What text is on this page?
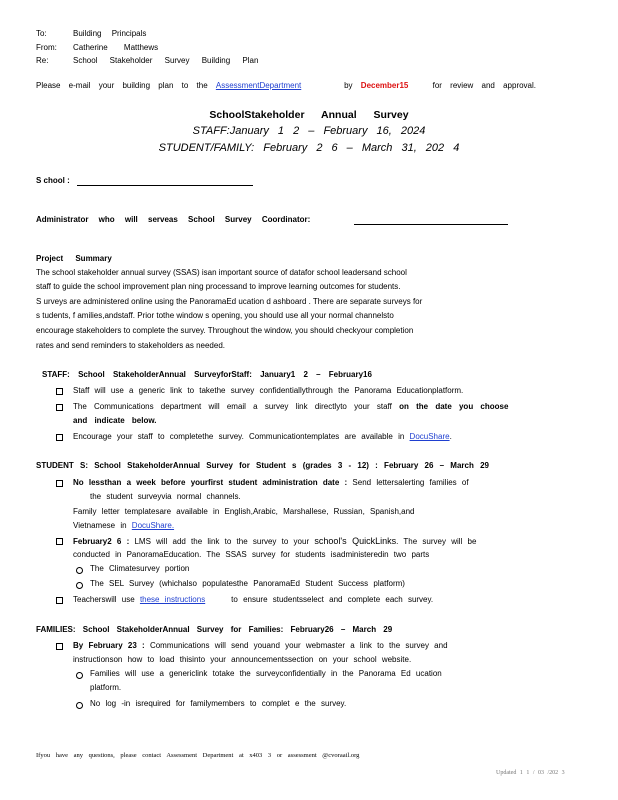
To:	Building Principals
From: Catherine Matthews
Re:	School Stakeholder Survey Building Plan
Please e-mail your building plan to the AssessmentDepartment	by December15	for review and approval.
SchoolStakeholder Annual Survey
STAFF:January 1 2 – February 16, 2024
STUDENT/FAMILY: February 2 6 – March 31, 202 4
S chool :
Administrator who will serveas School Survey Coordinator:
Project Summary
The school stakeholder annual survey (SSAS) isan important source of datafor school leadersand school
staff to guide the school improvement plan ning processand to improve learning outcomes for students.
S urveys are administered online using the PanoramaEd ucation d ashboard . There are separate surveys for
s tudents, f amilies,andstaff. Prior tothe window s opening, you should use all your normal channelsto
encourage stakeholders to complete the survey. Throughout the window, you should checkyour completion
rates and send reminders to stakeholders as needed.
STAFF: School StakeholderAnnual SurveyforStaff: January1 2 – February16
Staff will use a generic link to takethe survey confidentiallythrough the Panorama Educationplatform.
The Communications department will email a survey link directlyto your staff on the date you choose
and indicate below.
Encourage your staff to completethe survey. Communicationtemplates are available in DocuShare.
STUDENT S: School StakeholderAnnual Survey for Student s (grades 3 - 12) : February 26 – March 29
No lessthan a week before yourfirst student administration date : Send lettersalerting families of
the student surveyvia normal channels.
Family letter templatesare available in English,Arabic, Marshallese, Russian, Spanish,and
Vietnamese in DocuShare.
February2 6 : LMS will add the link to the survey to your school's QuickLinks. The survey will be
conducted in PanoramaEducation. The SSAS survey for students isadministeredin two parts
The Climatesurvey portion
The SEL Survey (whichalso populatesthe PanoramaEd Student Success platform)
Teacherswill use these instructions	to ensure studentsselect and complete each survey.
FAMILIES: School StakeholderAnnual Survey for Families: February26 – March 29
By February 23 : Communications will send youand your webmaster a link to the survey and
instructionson how to load thisinto your announcementssection on your school website.
Families will use a genericlink totake the surveyconfidentially in the Panorama Ed ucation
platform.
No log -in isrequired for familymembers to complet e the survey.
Ifyou have any questions, please contact Assessment Department at x403 3 or assessment @cvoraail.org
Updated 1 1 / 03 /202 3
